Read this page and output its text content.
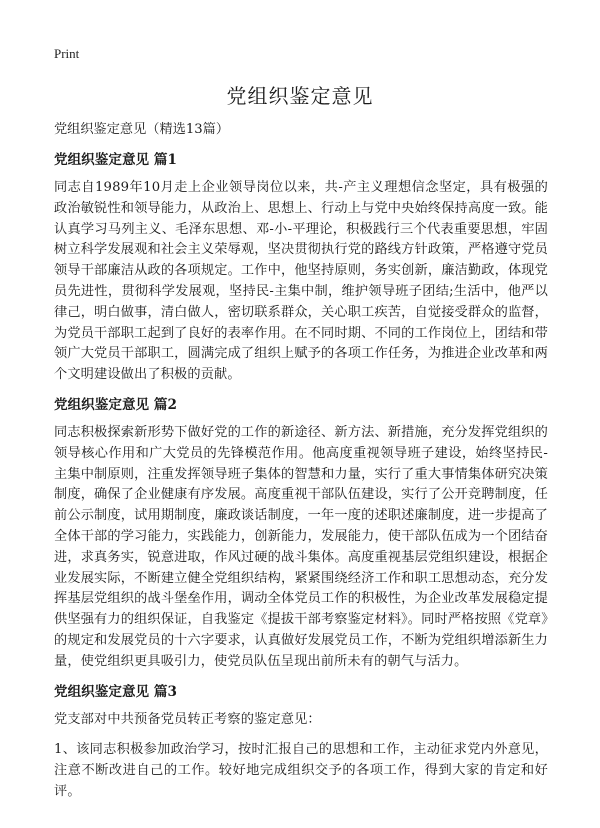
Print
党组织鉴定意见

党组织鉴定意见（精选13篇）

党组织鉴定意见 篇1

同志自1989年10月走上企业领导岗位以来，共-产主义理想信念坚定，具有极强的政治敏锐性和领导能力，从政治上、思想上、行动上与党中央始终保持高度一致。能认真学习马列主义、毛泽东思想、邓-小-平理论，积极践行三个代表重要思想，牢固树立科学发展观和社会主义荣辱观，坚决贯彻执行党的路线方针政策，严格遵守党员领导干部廉洁从政的各项规定。工作中，他坚持原则，务实创新，廉洁勤政，体现党员先进性，贯彻科学发展观，坚持民-主集中制，维护领导班子团结;生活中，他严以律己，明白做事，清白做人，密切联系群众，关心职工疾苦，自觉接受群众的监督，为党员干部职工起到了良好的表率作用。在不同时期、不同的工作岗位上，团结和带领广大党员干部职工，圆满完成了组织上赋予的各项工作任务，为推进企业改革和两个文明建设做出了积极的贡献。

党组织鉴定意见 篇2

同志积极探索新形势下做好党的工作的新途径、新方法、新措施，充分发挥党组织的领导核心作用和广大党员的先锋模范作用。他高度重视领导班子建设，始终坚持民-主集中制原则，注重发挥领导班子集体的智慧和力量，实行了重大事情集体研究决策制度，确保了企业健康有序发展。高度重视干部队伍建设，实行了公开竞聘制度，任前公示制度，试用期制度，廉政谈话制度，一年一度的述职述廉制度，进一步提高了全体干部的学习能力，实践能力，创新能力，发展能力，使干部队伍成为一个团结奋进，求真务实，锐意进取，作风过硬的战斗集体。高度重视基层党组织建设，根据企业发展实际，不断建立健全党组织结构，紧紧围绕经济工作和职工思想动态，充分发挥基层党组织的战斗堡垒作用，调动全体党员工作的积极性，为企业改革发展稳定提供坚强有力的组织保证，自我鉴定《提拔干部考察鉴定材料》。同时严格按照《党章》的规定和发展党员的十六字要求，认真做好发展党员工作，不断为党组织增添新生力量，使党组织更具吸引力，使党员队伍呈现出前所未有的朝气与活力。

党组织鉴定意见 篇3

党支部对中共预备党员转正考察的鉴定意见：

1、该同志积极参加政治学习，按时汇报自己的思想和工作，主动征求党内外意见，注意不断改进自己的工作。较好地完成组织交予的各项工作，得到大家的肯定和好评。
